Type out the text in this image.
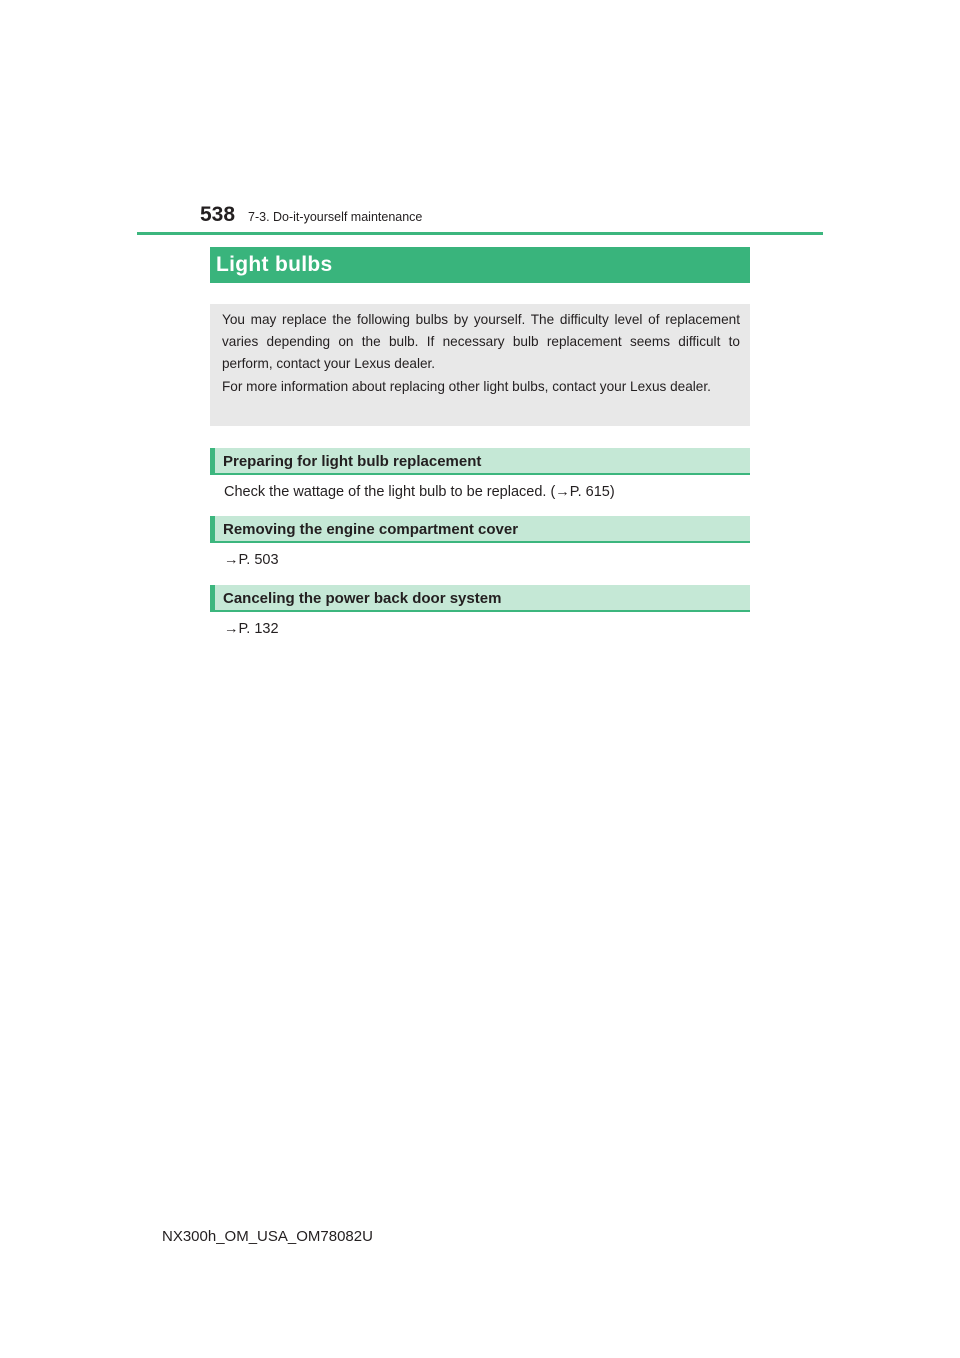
538 7-3. Do-it-yourself maintenance
Light bulbs

You may replace the following bulbs by yourself. The difficulty level of replacement varies depending on the bulb. If necessary bulb replacement seems difficult to perform, contact your Lexus dealer.

For more information about replacing other light bulbs, contact your Lexus dealer.

Preparing for light bulb replacement
Check the wattage of the light bulb to be replaced. (→P. 615)
Removing the engine compartment cover
→P. 503
Canceling the power back door system
→P. 132
NX300h_OM_USA_OM78082U
